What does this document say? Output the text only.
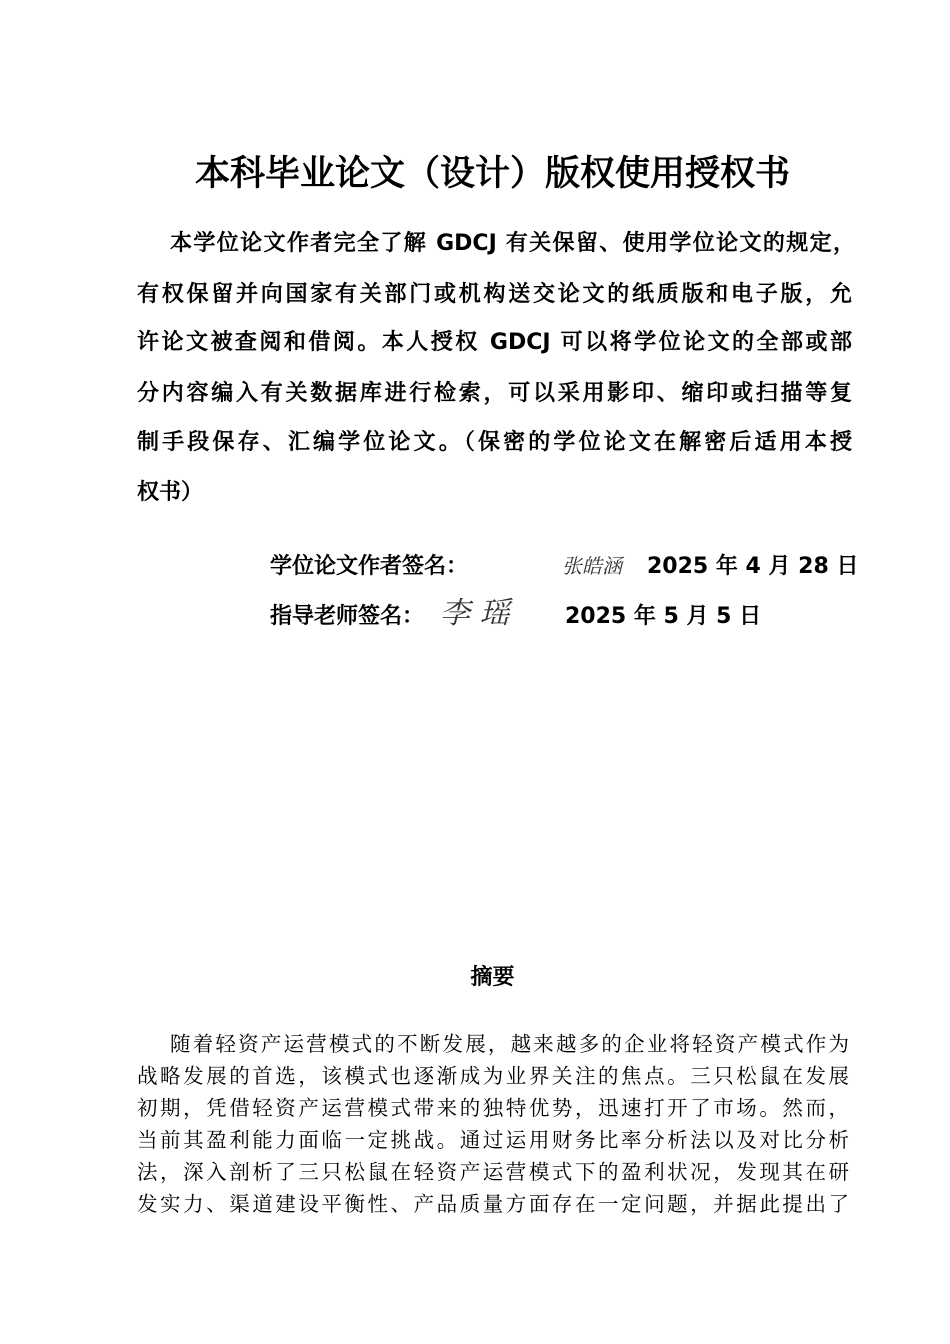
本科毕业论文（设计）版权使用授权书
本学位论文作者完全了解 GDCJ 有关保留、使用学位论文的规定，
有权保留并向国家有关部门或机构送交论文的纸质版和电子版，允
许论文被查阅和借阅。本人授权 GDCJ 可以将学位论文的全部或部
分内容编入有关数据库进行检索，可以采用影印、缩印或扫描等复
制手段保存、汇编学位论文。（保密的学位论文在解密后适用本授
权书）
学位论文作者签名：	张皓涵 2025 年 4 月 28 日
指导老师签名： 李 瑶	2025 年 5 月 5 日
摘要
随着轻资产运营模式的不断发展，越来越多的企业将轻资产模式作为
战略发展的首选，该模式也逐渐成为业界关注的焦点。三只松鼠在发展
初期，凭借轻资产运营模式带来的独特优势，迅速打开了市场。然而，
当前其盈利能力面临一定挑战。通过运用财务比率分析法以及对比分析
法，深入剖析了三只松鼠在轻资产运营模式下的盈利状况，发现其在研
发实力、渠道建设平衡性、产品质量方面存在一定问题，并据此提出了
